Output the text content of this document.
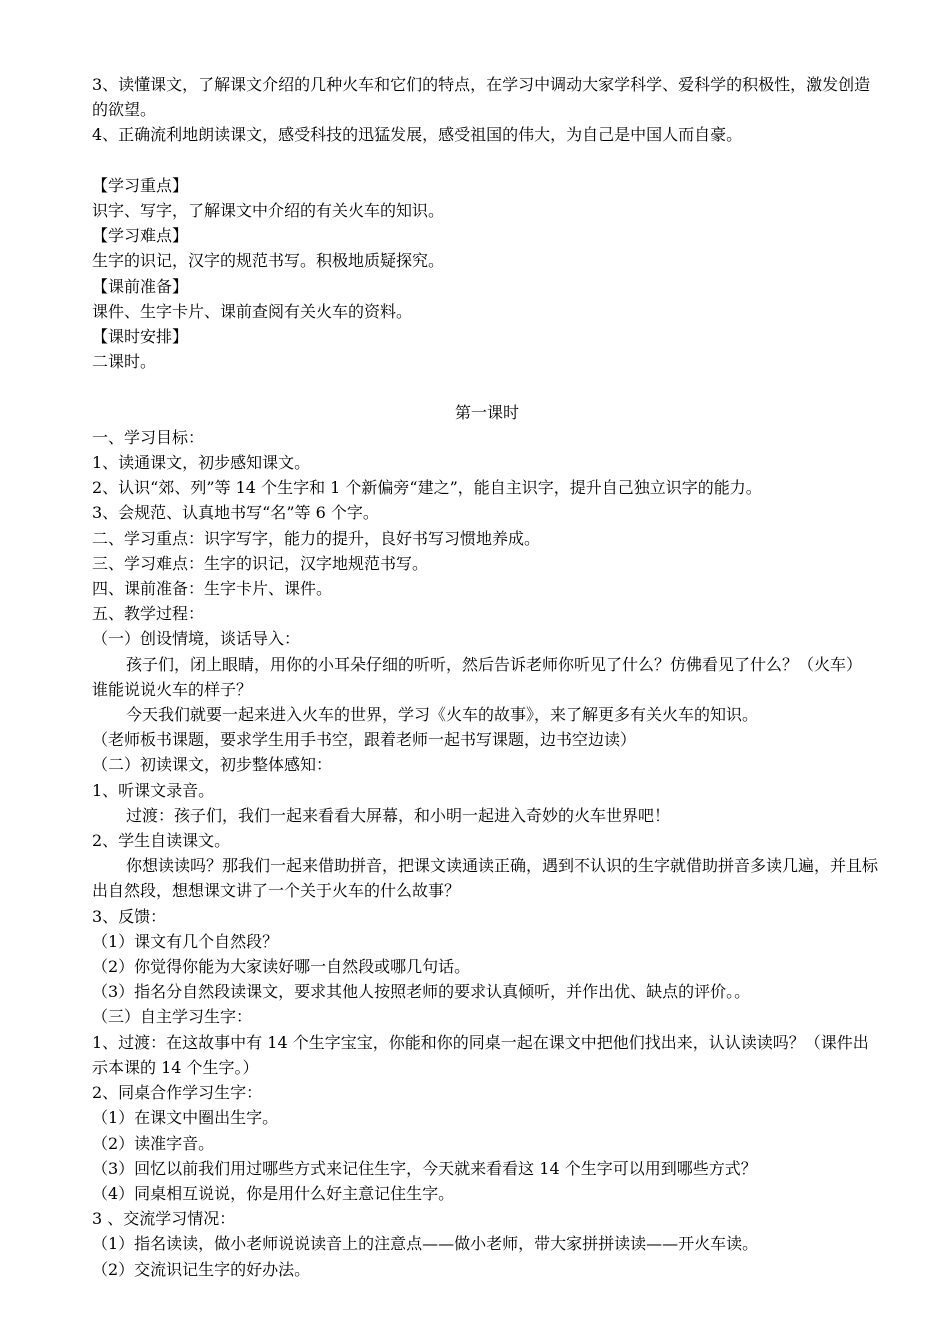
3、读懂课文，了解课文介绍的几种火车和它们的特点，在学习中调动大家学科学、爱科学的积极性，激发创造的欲望。
4、正确流利地朗读课文，感受科技的迅猛发展，感受祖国的伟大，为自己是中国人而自豪。
【学习重点】
识字、写字，了解课文中介绍的有关火车的知识。
【学习难点】
生字的识记，汉字的规范书写。积极地质疑探究。
【课前准备】
课件、生字卡片、课前查阅有关火车的资料。
【课时安排】
二课时。
第一课时
一、学习目标：
1、读通课文，初步感知课文。
2、认识“郊、列”等 14 个生字和 1 个新偏旁“建之”，能自主识字，提升自己独立识字的能力。
3、会规范、认真地书写“名”等 6 个字。
二、学习重点：识字写字，能力的提升，良好书写习惯地养成。
三、学习难点：生字的识记，汉字地规范书写。
四、课前准备：生字卡片、课件。
五、教学过程：
（一）创设情境，谈话导入：
孩子们，闭上眼睛，用你的小耳朵仔细的听听，然后告诉老师你听见了什么？仿佛看见了什么？（火车）　　谁能说说火车的样子？
今天我们就要一起来进入火车的世界，学习《火车的故事》，来了解更多有关火车的知识。
（老师板书课题，要求学生用手书空，跟着老师一起书写课题，边书空边读）
（二）初读课文，初步整体感知：
1、听课文录音。
过渡：孩子们，我们一起来看看大屏幕，和小明一起进入奇妙的火车世界吧！
2、学生自读课文。
你想读读吗？那我们一起来借助拼音，把课文读通读正确，遇到不认识的生字就借助拼音多读几遍，并且标出自然段，想想课文讲了一个关于火车的什么故事？
3、反馈：
（1）课文有几个自然段？
（2）你觉得你能为大家读好哪一自然段或哪几句话。
（3）指名分自然段读课文，要求其他人按照老师的要求认真倾听，并作出优、缺点的评价。。
（三）自主学习生字：
1、过渡：在这故事中有 14 个生字宝宝，你能和你的同桌一起在课文中把他们找出来，认认读读吗？（课件出示本课的 14 个生字。）
2、同桌合作学习生字：
（1）在课文中圈出生字。
（2）读准字音。
（3）回忆以前我们用过哪些方式来记住生字，今天就来看看这 14 个生字可以用到哪些方式？
（4）同桌相互说说，你是用什么好主意记住生字。
3 、交流学习情况：
（1）指名读读，做小老师说说读音上的注意点——做小老师，带大家拼拼读读——开火车读。
（2）交流识记生字的好办法。
